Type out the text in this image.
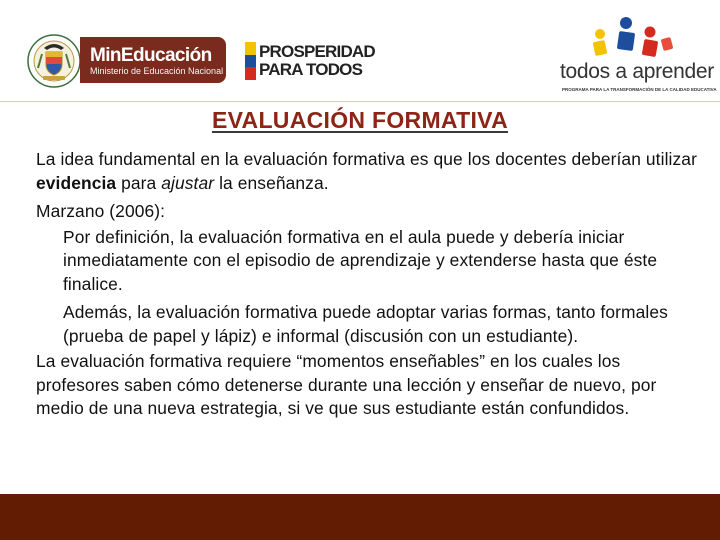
MinEducación
Ministerio de Educación Nacional
PROSPERIDAD
PARA TODOS	todos a aprender
PROGRAMA PARA LA TRANSFORMACIÓN DE LA CALIDAD EDUCATIVA
EVALUACIÓN FORMATIVA

La idea fundamental en la evaluación formativa es que los docentes deberían utilizar evidencia para ajustar la enseñanza.

Marzano (2006):

Por definición, la evaluación formativa en el aula puede y debería iniciar inmediatamente con el episodio de aprendizaje y extenderse hasta que éste finalice.

Además, la evaluación formativa puede adoptar varias formas, tanto formales (prueba de papel y lápiz) e informal (discusión con un estudiante).

La evaluación formativa requiere “momentos enseñables” en los cuales los profesores saben cómo detenerse durante una lección y enseñar de nuevo, por medio de una nueva estrategia, si ve que sus estudiante están confundidos.
